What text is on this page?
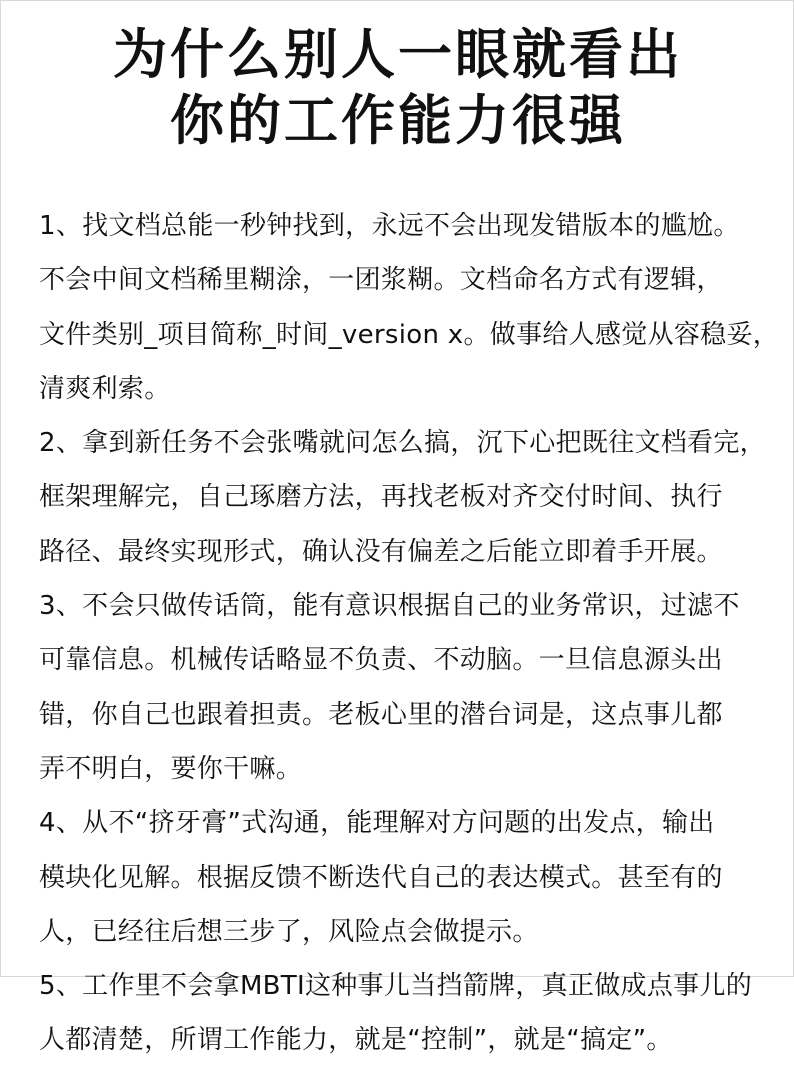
为什么别人一眼就看出
你的工作能力很强
1、找文档总能一秒钟找到，永远不会出现发错版本的尴尬。
不会中间文档稀里糊涂，一团浆糊。文档命名方式有逻辑，
文件类别_项目简称_时间_version x。做事给人感觉从容稳妥，
清爽利索。
2、拿到新任务不会张嘴就问怎么搞，沉下心把既往文档看完，
框架理解完，自己琢磨方法，再找老板对齐交付时间、执行
路径、最终实现形式，确认没有偏差之后能立即着手开展。
3、不会只做传话筒，能有意识根据自己的业务常识，过滤不
可靠信息。机械传话略显不负责、不动脑。一旦信息源头出
错，你自己也跟着担责。老板心里的潜台词是，这点事儿都
弄不明白，要你干嘛。
4、从不“挤牙膏”式沟通，能理解对方问题的出发点，输出
模块化见解。根据反馈不断迭代自己的表达模式。甚至有的
人，已经往后想三步了，风险点会做提示。
5、工作里不会拿MBTI这种事儿当挡箭牌，真正做成点事儿的
人都清楚，所谓工作能力，就是“控制”，就是“搞定”。
